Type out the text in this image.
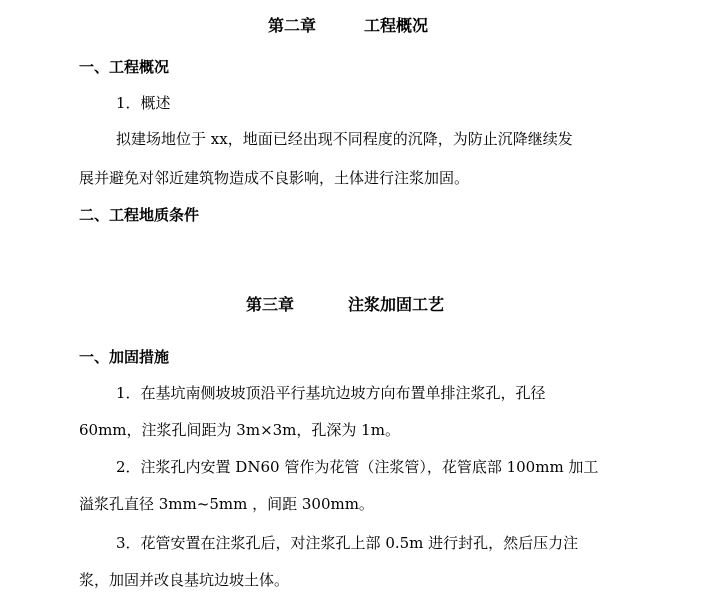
第二章	工程概况
一、工程概况
1．概述
拟建场地位于 xx，地面已经出现不同程度的沉降，为防止沉降继续发
展并避免对邻近建筑物造成不良影响，土体进行注浆加固。
二、工程地质条件
第三章	注浆加固工艺
一、加固措施
1．在基坑南侧坡坡顶沿平行基坑边坡方向布置单排注浆孔，孔径
60mm，注浆孔间距为 3m×3m，孔深为 1m。
2．注浆孔内安置 DN60 管作为花管（注浆管），花管底部 100mm 加工
溢浆孔直径 3mm~5mm ，间距 300mm。
3．花管安置在注浆孔后，对注浆孔上部 0.5m 进行封孔，然后压力注
浆，加固并改良基坑边坡土体。
